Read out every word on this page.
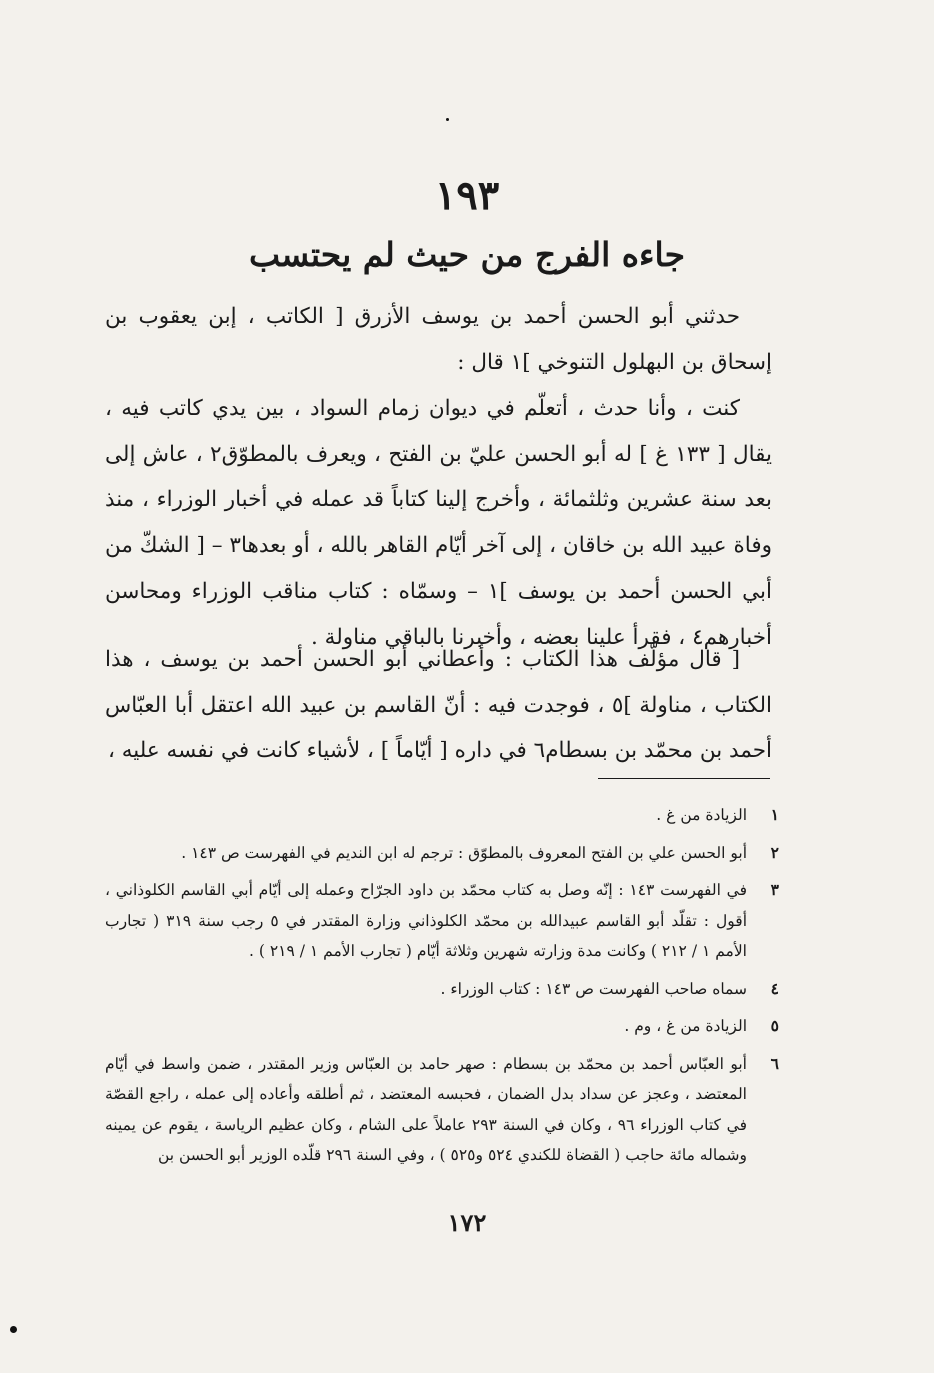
١٩٣
جاءه الفرج من حيث لم يحتسب

حدثني أبو الحسن أحمد بن يوسف الأزرق [ الكاتب ، إبن يعقوب بن إسحاق بن البهلول التنوخي ]١ قال :

كنت ، وأنا حدث ، أتعلّم في ديوان زمام السواد ، بين يدي كاتب فيه ، يقال [ ١٣٣ غ ] له أبو الحسن عليّ بن الفتح ، ويعرف بالمطوّق٢ ، عاش إلى بعد سنة عشرين وثلثمائة ، وأخرج إلينا كتاباً قد عمله في أخبار الوزراء ، منذ وفاة عبيد الله بن خاقان ، إلى آخر أيّام القاهر بالله ، أو بعدها٣ – [ الشكّ من أبي الحسن أحمد بن يوسف ]١ – وسمّاه : كتاب مناقب الوزراء ومحاسن أخبارهم٤ ، فقرأ علينا بعضه ، وأخبرنا بالباقي مناولة .

[ قال مؤلّف هذا الكتاب : وأعطاني أبو الحسن أحمد بن يوسف ، هذا الكتاب ، مناولة ]٥ ، فوجدت فيه : أنّ القاسم بن عبيد الله اعتقل أبا العبّاس أحمد بن محمّد بن بسطام٦ في داره [ أيّاماً ] ، لأشياء كانت في نفسه عليه ،

١
الزيادة من غ .
٢
أبو الحسن علي بن الفتح المعروف بالمطوّق : ترجم له ابن النديم في الفهرست ص ١٤٣ .
٣
في الفهرست ١٤٣ : إنّه وصل به كتاب محمّد بن داود الجرّاح وعمله إلى أيّام أبي القاسم الكلوذاني ، أقول : تقلّد أبو القاسم عبيدالله بن محمّد الكلوذاني وزارة المقتدر في ٥ رجب سنة ٣١٩ ( تجارب الأمم ١ / ٢١٢ ) وكانت مدة وزارته شهرين وثلاثة أيّام ( تجارب الأمم ١ / ٢١٩ ) .
٤
سماه صاحب الفهرست ص ١٤٣ : كتاب الوزراء .
٥
الزيادة من غ ، وم .
٦
أبو العبّاس أحمد بن محمّد بن بسطام : صهر حامد بن العبّاس وزير المقتدر ، ضمن واسط في أيّام المعتضد ، وعجز عن سداد بدل الضمان ، فحبسه المعتضد ، ثم أطلقه وأعاده إلى عمله ، راجع القصّة في كتاب الوزراء ٩٦ ، وكان في السنة ٢٩٣ عاملاً على الشام ، وكان عظيم الرياسة ، يقوم عن يمينه وشماله مائة حاجب ( القضاة للكندي ٥٢٤ و٥٢٥ ) ، وفي السنة ٢٩٦ قلّده الوزير أبو الحسن بن
١٧٢
